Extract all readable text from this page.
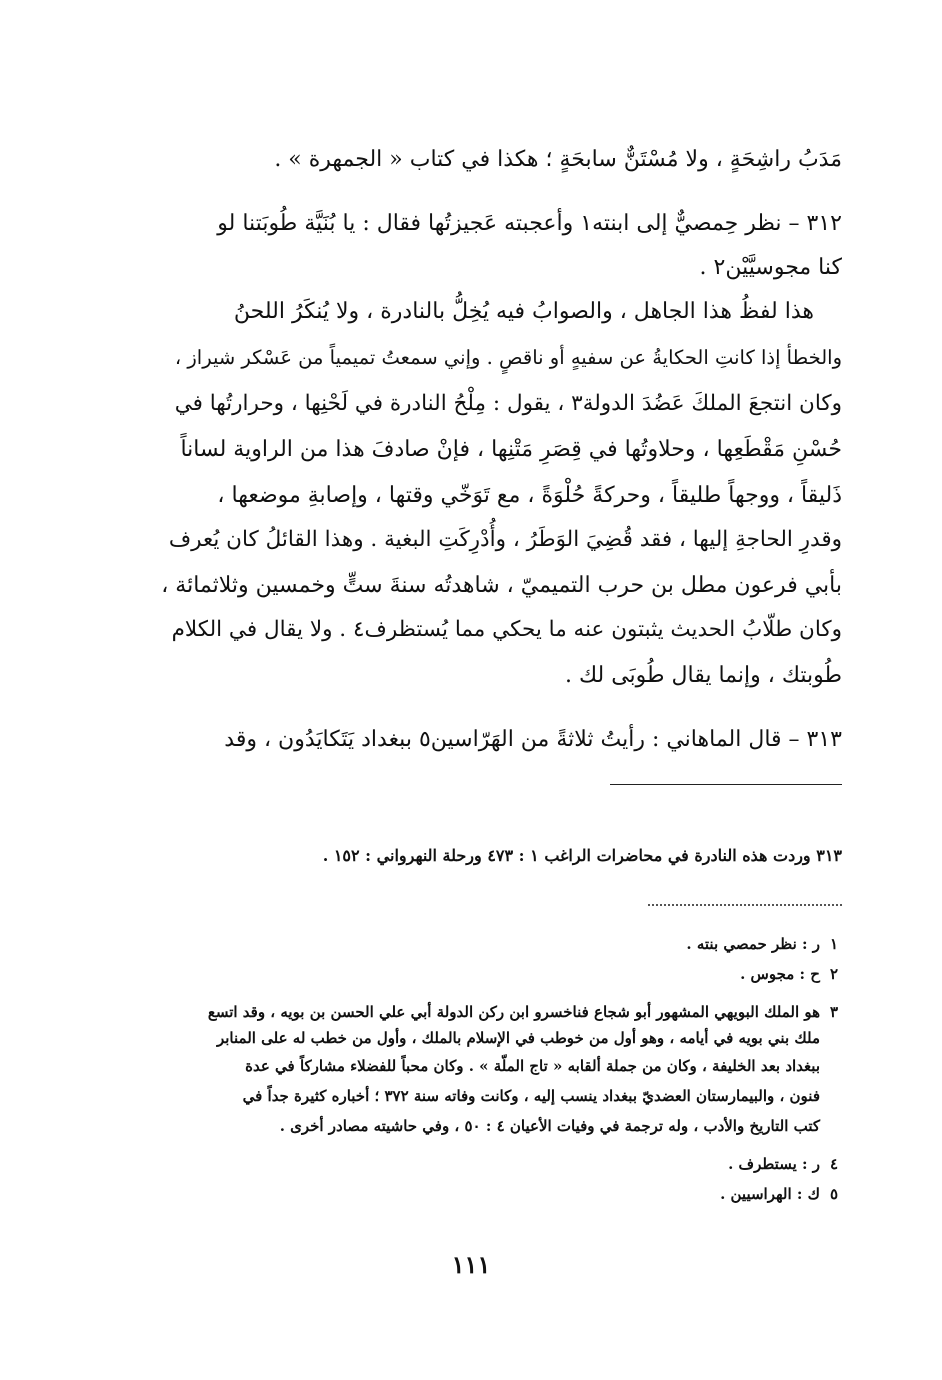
مَدَبُ راشِحَةٍ ، ولا مُسْتَنٌّ سابحَةٍ ؛ هكذا في كتاب « الجمهرة » .
٣١٢ – نظر حِمصيٌّ إلى ابنته١ وأعجبته عَجيزتُها فقال : يا بُنَيَّة طُوبَتنا لو
كنا مجوسيَّيْن٢ .
هذا لفظُ هذا الجاهل ، والصوابُ فيه يُخِلُّ بالنادرة ، ولا يُنكَرُ اللحنُ
والخطأ إذا كانتِ الحكايةُ عن سفيهٍ أو ناقصٍ . وإني سمعتُ تميمياً من عَسْكر شيراز ،
وكان انتجعَ الملكَ عَضُدَ الدولة٣ ، يقول : مِلْحُ النادرة في لَحْنِها ، وحرارتُها في
حُسْنِ مَقْطَعِها ، وحلاوتُها في قِصَرِ مَتْنِها ، فإنْ صادفَ هذا من الراوية لساناً
ذَليقاً ، ووجهاً طليقاً ، وحركةً حُلْوَةً ، مع تَوَخّي وقتها ، وإصابةِ موضعها ،
وقدرِ الحاجةِ إليها ، فقد قُضِيَ الوَطَرُ ، وأُدْرِكَتِ البغية . وهذا القائلُ كان يُعرف
بأبي فرعون مطل بن حرب التميميّ ، شاهدتُه سنةَ ستٍّ وخمسين وثلاثمائة ،
وكان طلّابُ الحديث يثبتون عنه ما يحكي مما يُستظرف٤ . ولا يقال في الكلام
طُوبتك ، وإنما يقال طُوبَى لك .
٣١٣ – قال الماهاني : رأيتُ ثلاثةً من الهَرّاسين٥ ببغداد يَتَكايَدُون ، وقد
٣١٣ وردت هذه النادرة في محاضرات الراغب ١ : ٤٧٣ ورحلة النهرواني : ١٥٢ .
١ر : نظر حمصي بنته .
٢ح : مجوس .
٣هو الملك البويهي المشهور أبو شجاع فناخسرو ابن ركن الدولة أبي علي الحسن بن بويه ، وقد اتسع
ملك بني بويه في أيامه ، وهو أول من خوطب في الإسلام بالملك ، وأول من خطب له على المنابر
ببغداد بعد الخليفة ، وكان من جملة ألقابه « تاج الملّة » . وكان محباً للفضلاء مشاركاً في عدة
فنون ، والبيمارستان العضديّ ببغداد ينسب إليه ، وكانت وفاته سنة ٣٧٢ ؛ أخباره كثيرة جداً في
كتب التاريخ والأدب ، وله ترجمة في وفيات الأعيان ٤ : ٥٠ ، وفي حاشيته مصادر أخرى .
٤ر : يستطرف .
٥ك : الهراسيين .
١١١
